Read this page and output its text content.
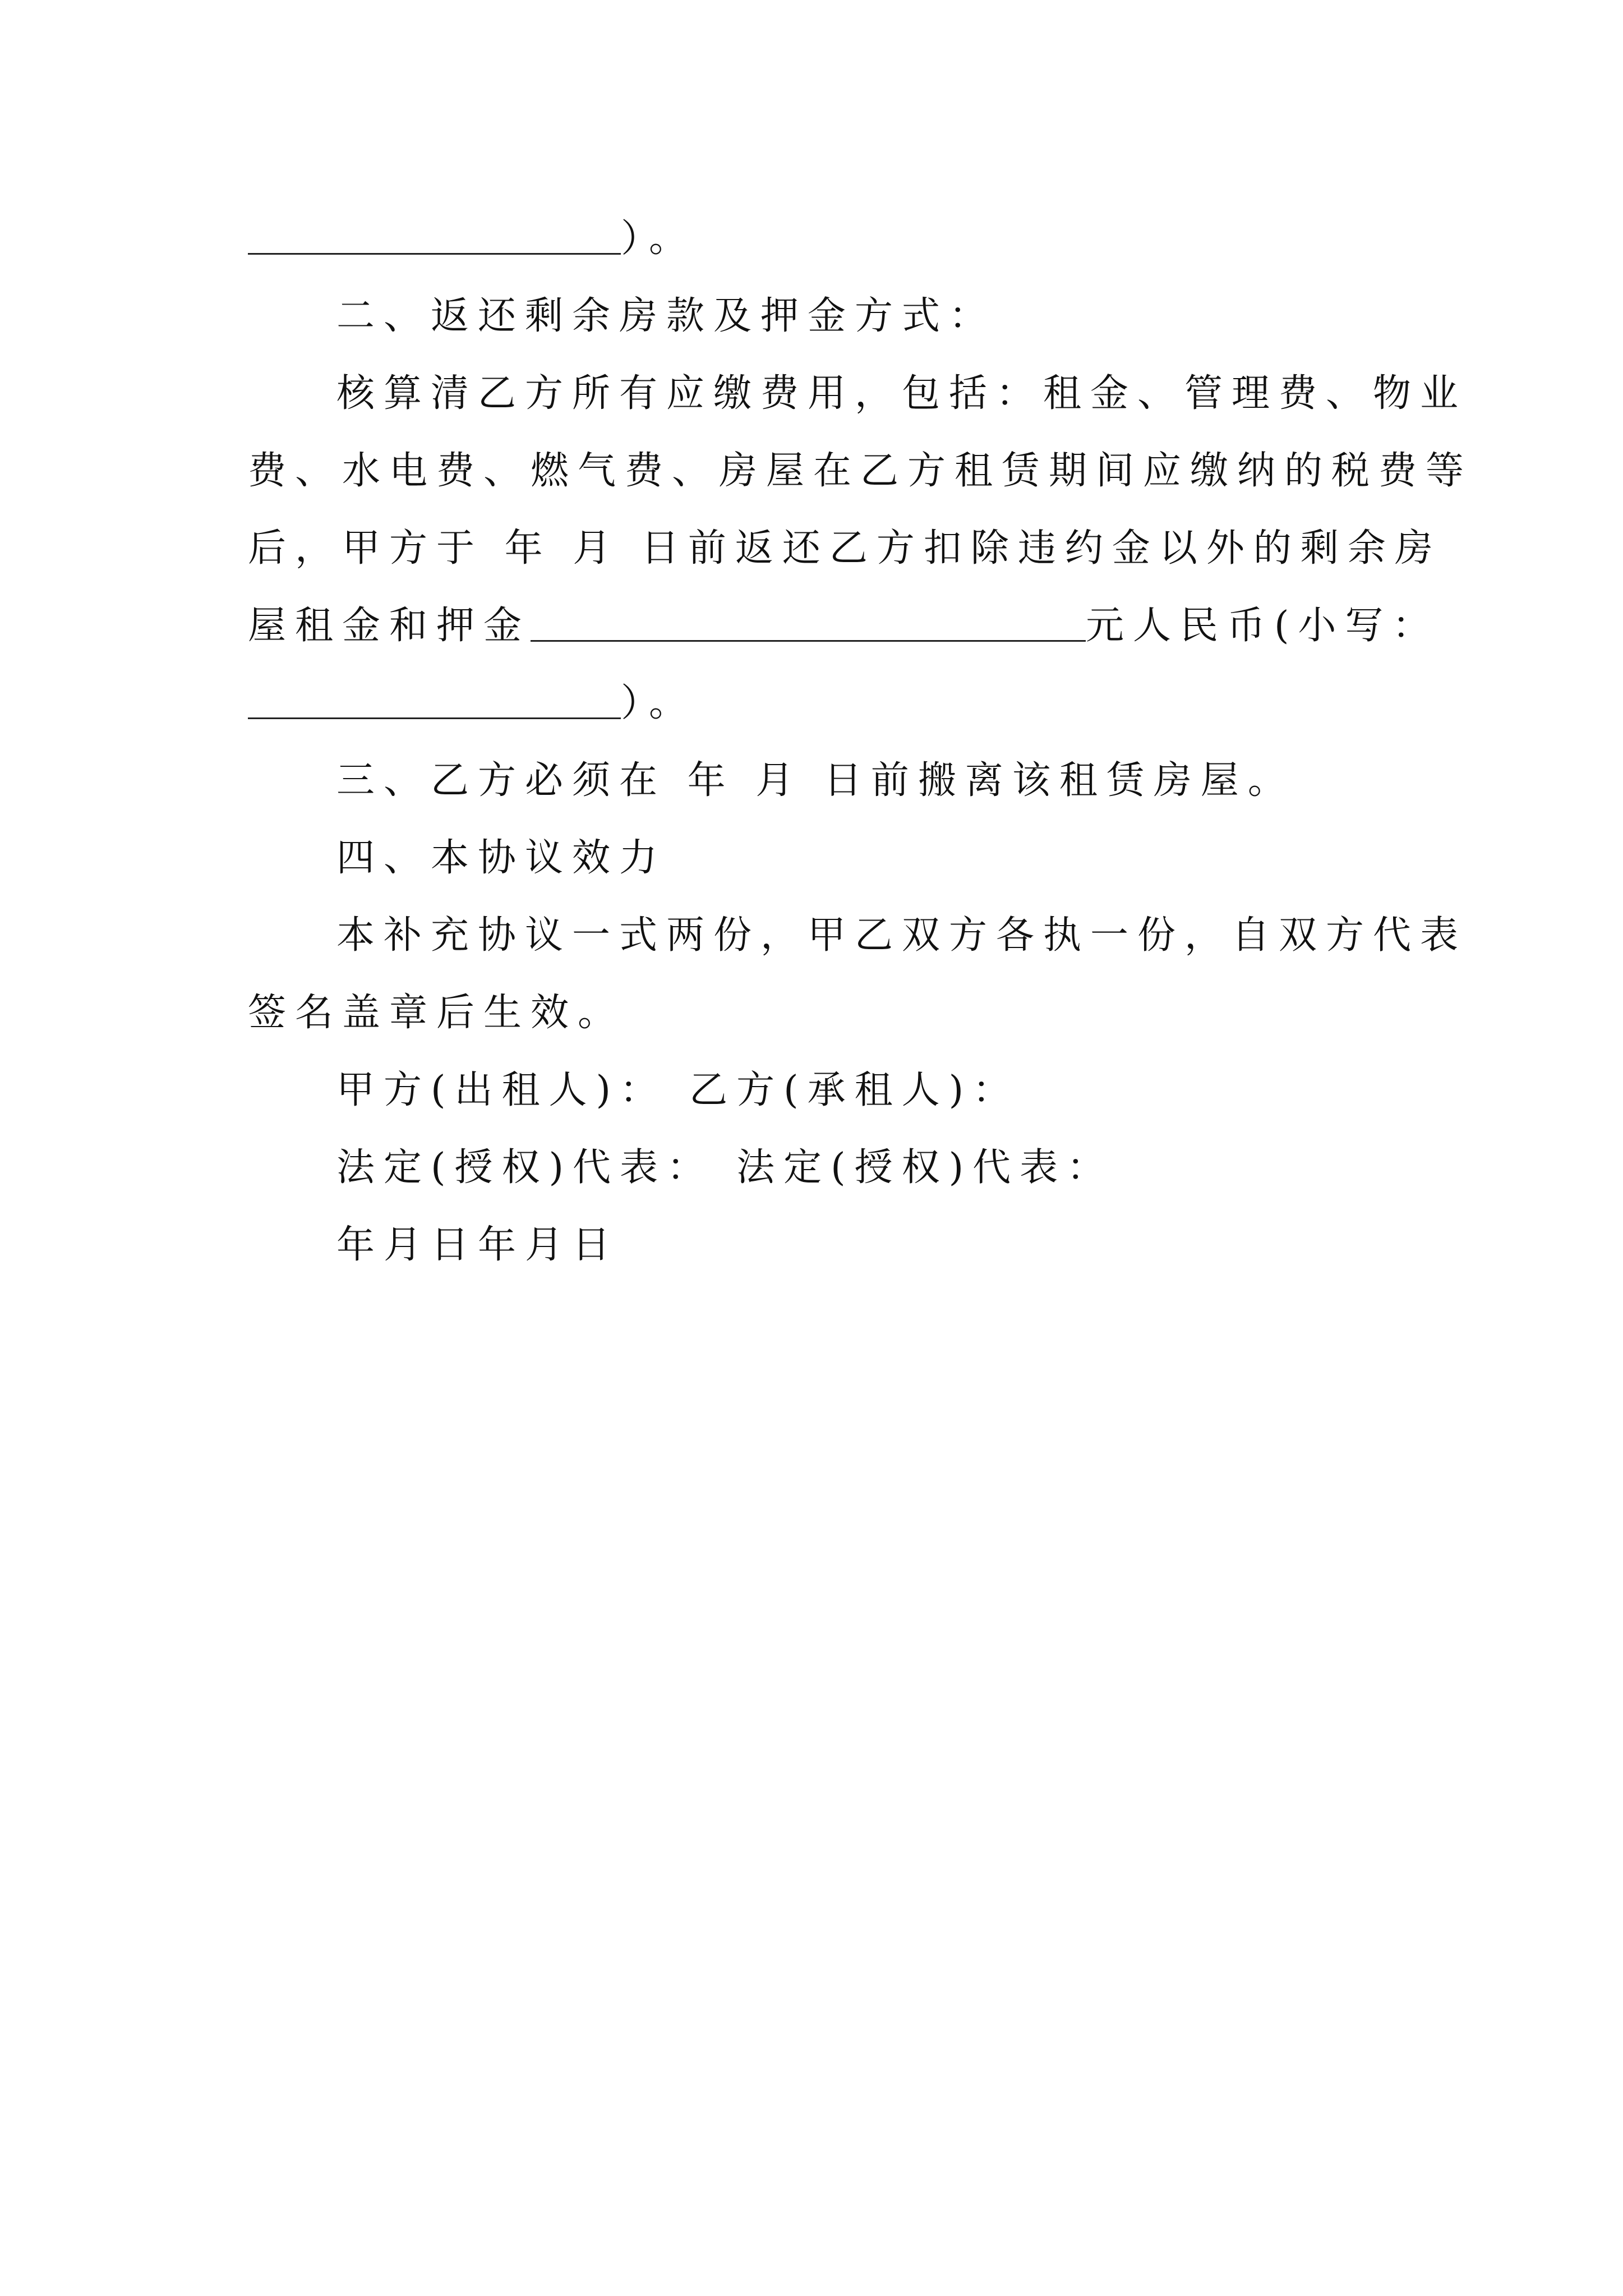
）。
二、返还剩余房款及押金方式：
核算清乙方所有应缴费用，包括：租金、管理费、物业
费、水电费、燃气费、房屋在乙方租赁期间应缴纳的税费等
后，甲方于 年 月 日前返还乙方扣除违约金以外的剩余房
屋租金和押金	元人民币(小写：
）。
三、乙方必须在 年 月 日前搬离该租赁房屋。
四、本协议效力
本补充协议一式两份，甲乙双方各执一份，自双方代表
签名盖章后生效。
甲方(出租人)： 乙方(承租人)：
法定(授权)代表： 法定(授权)代表：
年月日年月日
